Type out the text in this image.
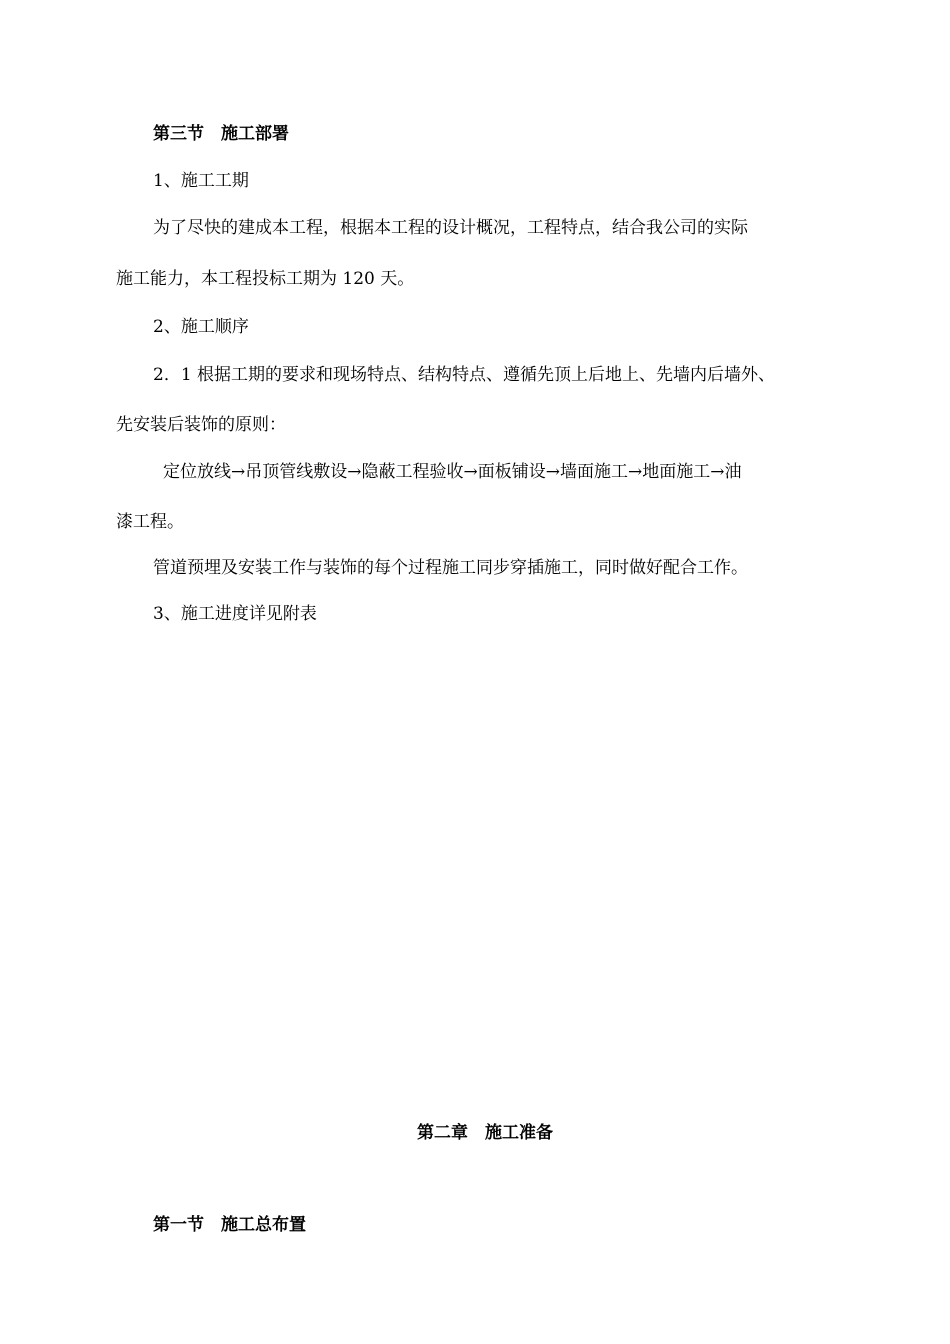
第三节　施工部署

1、施工工期

为了尽快的建成本工程，根据本工程的设计概况，工程特点，结合我公司的实际

施工能力，本工程投标工期为 120 天。

2、施工顺序

2．1 根据工期的要求和现场特点、结构特点、遵循先顶上后地上、先墙内后墙外、

先安装后装饰的原则：

定位放线→吊顶管线敷设→隐蔽工程验收→面板铺设→墙面施工→地面施工→油

漆工程。

管道预埋及安装工作与装饰的每个过程施工同步穿插施工，同时做好配合工作。

3、施工进度详见附表

第二章　施工准备
第一节　施工总布置
